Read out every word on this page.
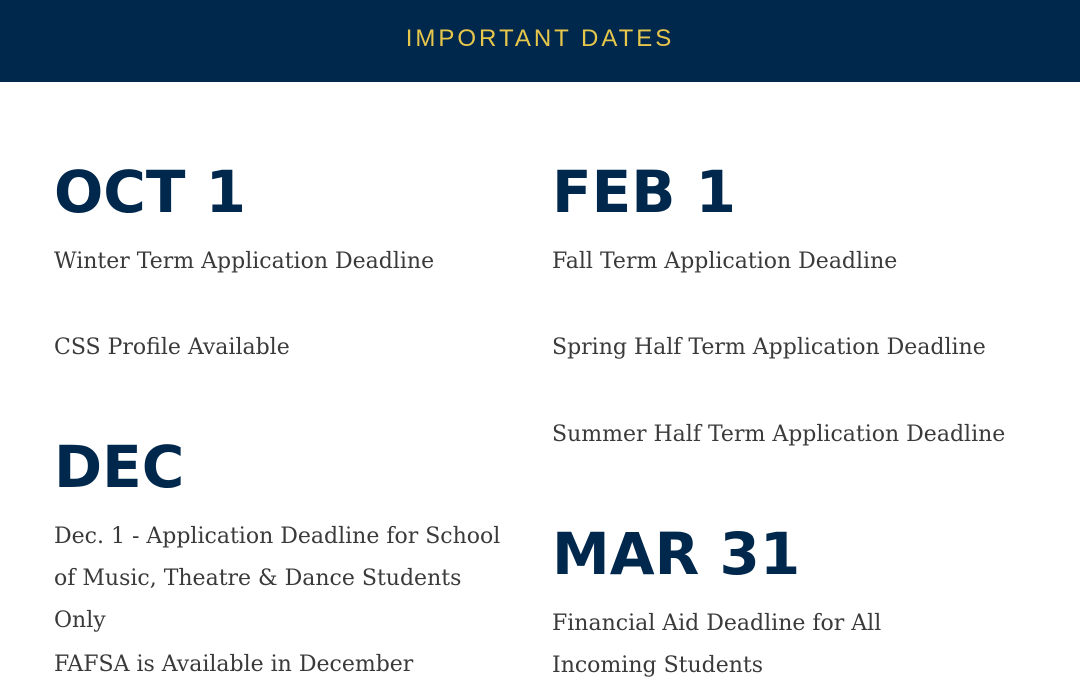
IMPORTANT DATES
OCT 1

Winter Term Application Deadline

CSS Profile Available

DEC

Dec. 1 - Application Deadline for School of Music, Theatre & Dance Students Only

FAFSA is Available in December

FEB 1

Fall Term Application Deadline

Spring Half Term Application Deadline

Summer Half Term Application Deadline

MAR 31

Financial Aid Deadline for All Incoming Students
